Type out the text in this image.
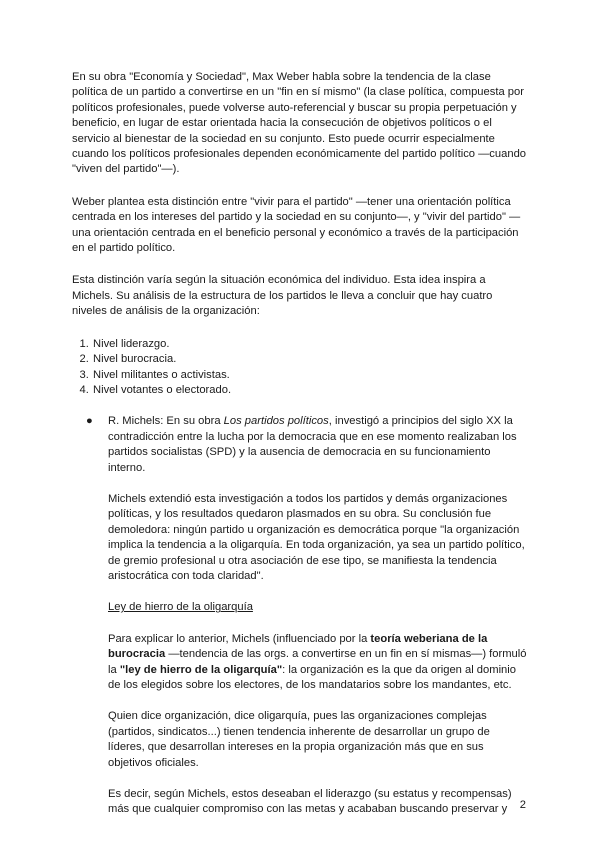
En su obra "Economía y Sociedad", Max Weber habla sobre la tendencia de la clase política de un partido a convertirse en un "fin en sí mismo" (la clase política, compuesta por políticos profesionales, puede volverse auto-referencial y buscar su propia perpetuación y beneficio, en lugar de estar orientada hacia la consecución de objetivos políticos o el servicio al bienestar de la sociedad en su conjunto. Esto puede ocurrir especialmente cuando los políticos profesionales dependen económicamente del partido político —cuando "viven del partido"—).

Weber plantea esta distinción entre "vivir para el partido" —tener una orientación política centrada en los intereses del partido y la sociedad en su conjunto—, y "vivir del partido" —una orientación centrada en el beneficio personal y económico a través de la participación en el partido político.

Esta distinción varía según la situación económica del individuo. Esta idea inspira a Michels. Su análisis de la estructura de los partidos le lleva a concluir que hay cuatro niveles de análisis de la organización:

1. Nivel liderazgo.
2. Nivel burocracia.
3. Nivel militantes o activistas.
4. Nivel votantes o electorado.
● R. Michels: En su obra Los partidos políticos, investigó a principios del siglo XX la contradicción entre la lucha por la democracia que en ese momento realizaban los partidos socialistas (SPD) y la ausencia de democracia en su funcionamiento interno.

Michels extendió esta investigación a todos los partidos y demás organizaciones políticas, y los resultados quedaron plasmados en su obra. Su conclusión fue demoledora: ningún partido u organización es democrática porque "la organización implica la tendencia a la oligarquía. En toda organización, ya sea un partido político, de gremio profesional u otra asociación de ese tipo, se manifiesta la tendencia aristocrática con toda claridad".

Ley de hierro de la oligarquía

Para explicar lo anterior, Michels (influenciado por la teoría weberiana de la burocracia —tendencia de las orgs. a convertirse en un fin en sí mismas—) formuló la "ley de hierro de la oligarquía": la organización es la que da origen al dominio de los elegidos sobre los electores, de los mandatarios sobre los mandantes, etc.

Quien dice organización, dice oligarquía, pues las organizaciones complejas (partidos, sindicatos...) tienen tendencia inherente de desarrollar un grupo de líderes, que desarrollan intereses en la propia organización más que en sus objetivos oficiales.

Es decir, según Michels, estos deseaban el liderazgo (su estatus y recompensas) más que cualquier compromiso con las metas y acababan buscando preservar y	2
